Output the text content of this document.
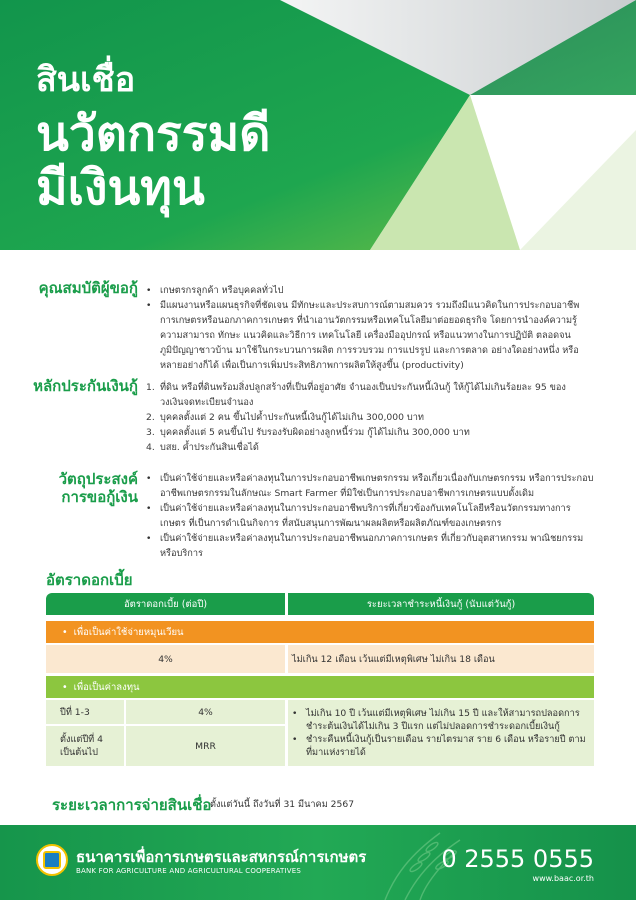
สินเชื่อ
นวัตกรรมดี
มีเงินทุน
คุณสมบัติผู้ขอกู้
•	เกษตรกรลูกค้า หรือบุคคลทั่วไป
• มีแผนงานหรือแผนธุรกิจที่ชัดเจน มีทักษะและประสบการณ์ตามสมควร รวมถึงมีแนวคิดในการประกอบอาชีพการเกษตรหรือนอกภาคการเกษตร ที่นำเอานวัตกรรมหรือเทคโนโลยีมาต่อยอดธุรกิจ โดยการนำองค์ความรู้ ความสามารถ ทักษะ แนวคิดและวิธีการ เทคโนโลยี เครื่องมืออุปกรณ์ หรือแนวทางในการปฏิบัติ ตลอดจนภูมิปัญญาชาวบ้าน มาใช้ในกระบวนการผลิต การรวบรวม การแปรรูป และการตลาด อย่างใดอย่างหนึ่ง หรือหลายอย่างก็ได้ เพื่อเป็นการเพิ่มประสิทธิภาพการผลิตให้สูงขึ้น (productivity)
หลักประกันเงินกู้ 1. ที่ดิน หรือที่ดินพร้อมสิ่งปลูกสร้างที่เป็นที่อยู่อาศัย จำนองเป็นประกันหนี้เงินกู้ ให้กู้ได้ไม่เกินร้อยละ 95 ของวงเงินจดทะเบียนจำนอง
2. บุคคลตั้งแต่ 2 คน ขึ้นไปค้ำประกันหนี้เงินกู้ได้ไม่เกิน 300,000 บาท
3. บุคคลตั้งแต่ 5 คนขึ้นไป รับรองรับผิดอย่างลูกหนี้ร่วม กู้ได้ไม่เกิน 300,000 บาท
4. บสย. ค้ำประกันสินเชื่อได้
วัตถุประสงค์
การขอกู้เงิน
• เป็นค่าใช้จ่ายและหรือค่าลงทุนในการประกอบอาชีพเกษตรกรรม หรือเกี่ยวเนื่องกับเกษตรกรรม หรือการประกอบอาชีพเกษตรกรรมในลักษณะ Smart Farmer ที่มิใช่เป็นการประกอบอาชีพการเกษตรแบบดั้งเดิม
• เป็นค่าใช้จ่ายและหรือค่าลงทุนในการประกอบอาชีพบริการที่เกี่ยวข้องกับเทคโนโลยีหรือนวัตกรรมทางการเกษตร ที่เป็นการดำเนินกิจการ ที่สนับสนุนการพัฒนาผลผลิตหรือผลิตภัณฑ์ของเกษตรกร
• เป็นค่าใช้จ่ายและหรือค่าลงทุนในการประกอบอาชีพนอกภาคการเกษตร ที่เกี่ยวกับอุตสาหกรรม พาณิชยกรรม หรือบริการ
อัตราดอกเบี้ย
อัตราดอกเบี้ย (ต่อปี)	ระยะเวลาชำระหนี้เงินกู้ (นับแต่วันกู้)
• เพื่อเป็นค่าใช้จ่ายหมุนเวียน
4%	ไม่เกิน 12 เดือน เว้นแต่มีเหตุพิเศษ ไม่เกิน 18 เดือน
• เพื่อเป็นค่าลงทุน
ปีที่ 1-3	4%
ตั้งแต่ปีที่ 4
เป็นต้นไป
MRR
• ไม่เกิน 10 ปี เว้นแต่มีเหตุพิเศษ ไม่เกิน 15 ปี และให้สามารถปลอดการชำระต้นเงินได้ไม่เกิน 3 ปีแรก แต่ไม่ปลอดการชำระดอกเบี้ยเงินกู้
• ชำระคืนหนี้เงินกู้เป็นรายเดือน รายไตรมาส ราย 6 เดือน หรือรายปี ตามที่มาแห่งรายได้
ระยะเวลาการจ่ายสินเชื่อ
ตั้งแต่วันนี้ ถึงวันที่ 31 มีนาคม 2567
ธนาคารเพื่อการเกษตรและสหกรณ์การเกษตร
BANK FOR AGRICULTURE AND AGRICULTURAL COOPERATIVES	0 2555 0555
www.baac.or.th
